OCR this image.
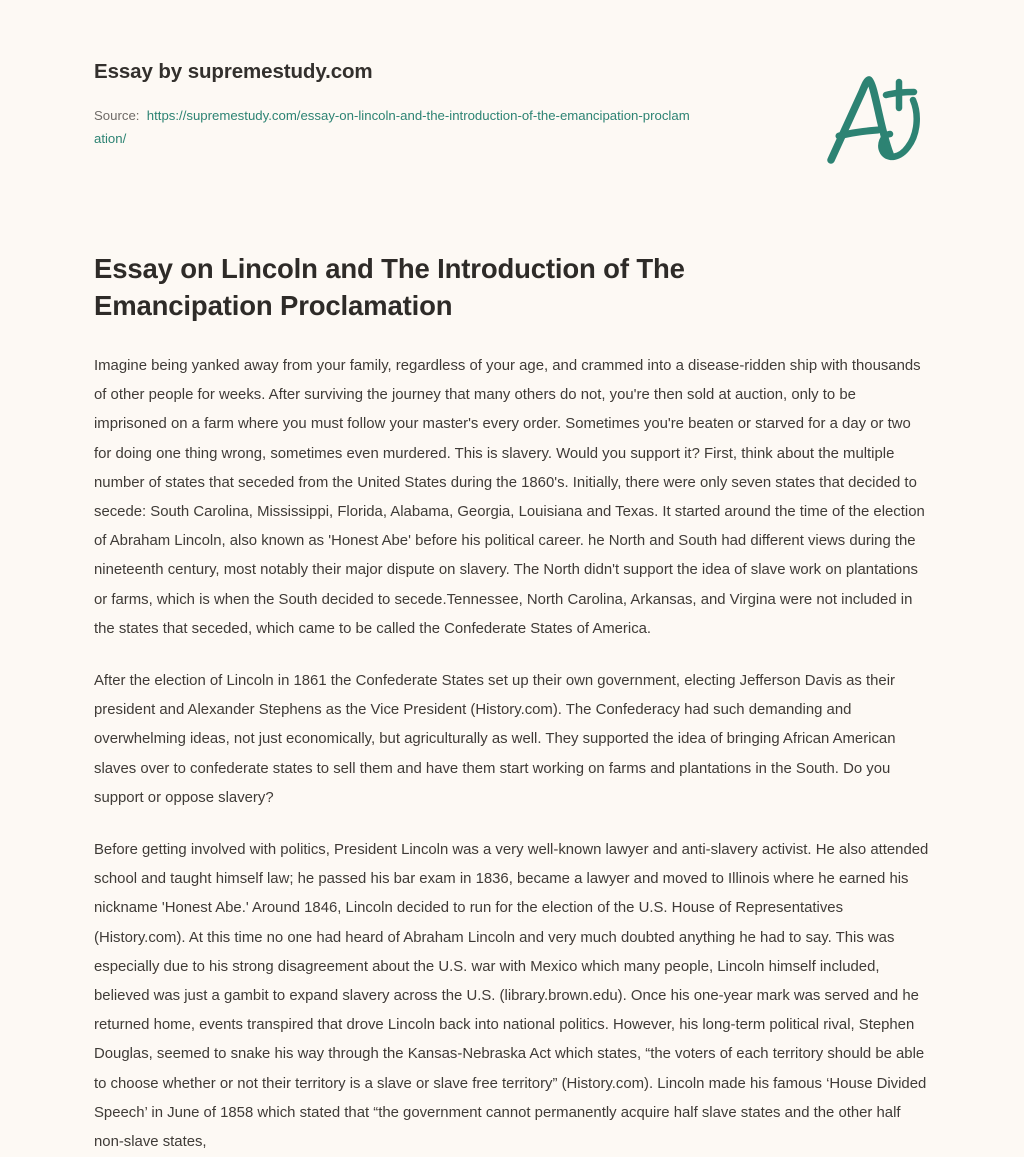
Essay by supremestudy.com
Source: https://supremestudy.com/essay-on-lincoln-and-the-introduction-of-the-emancipation-proclamation/
Essay on Lincoln and The Introduction of The Emancipation Proclamation

Imagine being yanked away from your family, regardless of your age, and crammed into a disease-ridden ship with thousands of other people for weeks. After surviving the journey that many others do not, you're then sold at auction, only to be imprisoned on a farm where you must follow your master's every order. Sometimes you're beaten or starved for a day or two for doing one thing wrong, sometimes even murdered. This is slavery. Would you support it? First, think about the multiple number of states that seceded from the United States during the 1860's. Initially, there were only seven states that decided to secede: South Carolina, Mississippi, Florida, Alabama, Georgia, Louisiana and Texas. It started around the time of the election of Abraham Lincoln, also known as 'Honest Abe' before his political career. he North and South had different views during the nineteenth century, most notably their major dispute on slavery. The North didn't support the idea of slave work on plantations or farms, which is when the South decided to secede.Tennessee, North Carolina, Arkansas, and Virgina were not included in the states that seceded, which came to be called the Confederate States of America.

After the election of Lincoln in 1861 the Confederate States set up their own government, electing Jefferson Davis as their president and Alexander Stephens as the Vice President (History.com). The Confederacy had such demanding and overwhelming ideas, not just economically, but agriculturally as well. They supported the idea of bringing African American slaves over to confederate states to sell them and have them start working on farms and plantations in the South. Do you support or oppose slavery?

Before getting involved with politics, President Lincoln was a very well-known lawyer and anti-slavery activist. He also attended school and taught himself law; he passed his bar exam in 1836, became a lawyer and moved to Illinois where he earned his nickname 'Honest Abe.' Around 1846, Lincoln decided to run for the election of the U.S. House of Representatives (History.com). At this time no one had heard of Abraham Lincoln and very much doubted anything he had to say. This was especially due to his strong disagreement about the U.S. war with Mexico which many people, Lincoln himself included, believed was just a gambit to expand slavery across the U.S. (library.brown.edu). Once his one-year mark was served and he returned home, events transpired that drove Lincoln back into national politics. However, his long-term political rival, Stephen Douglas, seemed to snake his way through the Kansas-Nebraska Act which states, “the voters of each territory should be able to choose whether or not their territory is a slave or slave free territory” (History.com). Lincoln made his famous ‘House Divided Speech’ in June of 1858 which stated that “the government cannot permanently acquire half slave states and the other half non-slave states,
